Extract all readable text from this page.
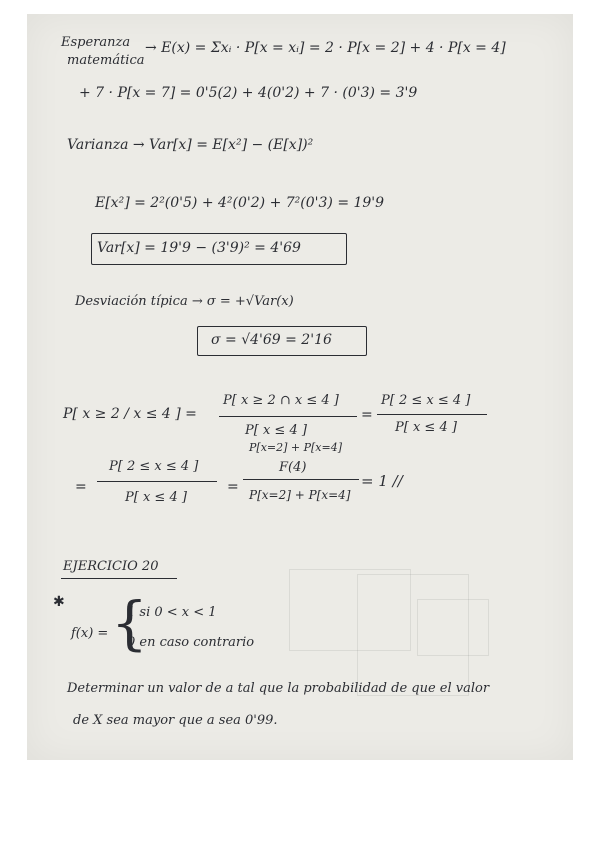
Esperanza
matemática
→ E(x) = Σxᵢ · P[x = xᵢ] = 2 · P[x = 2] + 4 · P[x = 4]
+ 7 · P[x = 7] = 0'5(2) + 4(0'2) + 7 · (0'3) = 3'9
Varianza → Var[x] = E[x²] − (E[x])²
E[x²] = 2²(0'5) + 4²(0'2) + 7²(0'3) = 19'9
Var[x] = 19'9 − (3'9)² = 4'69
Desviación típica → σ = +√Var(x)
σ = √4'69 = 2'16
P[ x ≥ 2 / x ≤ 4 ] =
P[ x ≥ 2 ∩ x ≤ 4 ]
P[ x ≤ 4 ]
=
P[ 2 ≤ x ≤ 4 ]
P[ x ≤ 4 ]
P[x=2] + P[x=4]
=
P[ 2 ≤ x ≤ 4 ]
P[ x ≤ 4 ]
=
F(4)
P[x=2] + P[x=4]
= 1 //
EJERCICIO 20
✱
f(x) = {
1 si 0 < x < 1
0 en caso contrario
Determinar un valor de a tal que la probabilidad de que el valor
de X sea mayor que a sea 0'99.
